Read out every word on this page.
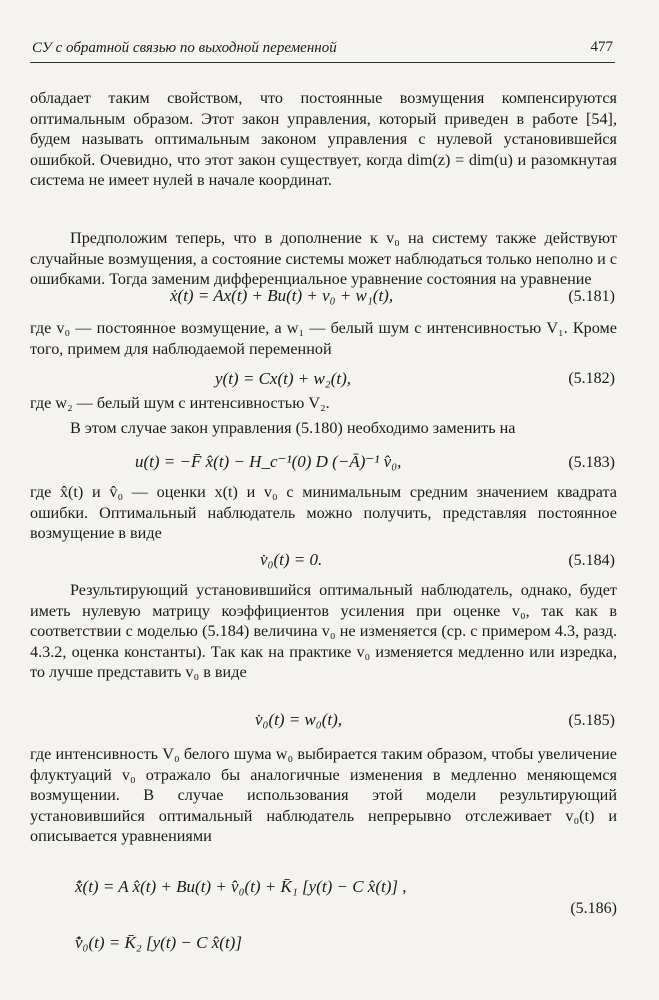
СУ с обратной связью по выходной переменной	477
обладает таким свойством, что постоянные возмущения компенсируются оптимальным образом. Этот закон управления, который приведен в работе [54], будем называть оптимальным законом управления с нулевой установившейся ошибкой. Очевидно, что этот закон существует, когда dim(z) = dim(u) и разомкнутая система не имеет нулей в начале координат.
Предположим теперь, что в дополнение к v₀ на систему также действуют случайные возмущения, а состояние системы может наблюдаться только неполно и с ошибками. Тогда заменим дифференциальное уравнение состояния на уравнение
ẋ(t) = Ax(t) + Bu(t) + v₀ + w₁(t),	(5.181)
где v₀ — постоянное возмущение, а w₁ — белый шум с интенсивностью V₁. Кроме того, примем для наблюдаемой переменной
y(t) = Cx(t) + w₂(t),	(5.182)
где w₂ — белый шум с интенсивностью V₂.
В этом случае закон управления (5.180) необходимо заменить на
u(t) = −F̄ x̂(t) − H_c⁻¹(0) D (−Ā)⁻¹ v̂₀,	(5.183)
где x̂(t) и v̂₀ — оценки x(t) и v₀ с минимальным средним значением квадрата ошибки. Оптимальный наблюдатель можно получить, представляя постоянное возмущение в виде
v̇₀(t) = 0.	(5.184)
Результирующий установившийся оптимальный наблюдатель, однако, будет иметь нулевую матрицу коэффициентов усиления при оценке v₀, так как в соответствии с моделью (5.184) величина v₀ не изменяется (ср. с примером 4.3, разд. 4.3.2, оценка константы). Так как на практике v₀ изменяется медленно или изредка, то лучше представить v₀ в виде
v̇₀(t) = w₀(t),	(5.185)
где интенсивность V₀ белого шума w₀ выбирается таким образом, чтобы увеличение флуктуаций v₀ отражало бы аналогичные изменения в медленно меняющемся возмущении. В случае использования этой модели результирующий установившийся оптимальный наблюдатель непрерывно отслеживает v₀(t) и описывается уравнениями
x̂̇(t) = A x̂(t) + Bu(t) + v̂₀(t) + K̄₁ [y(t) − C x̂(t)] ,
v̂̇₀(t) = K̄₂ [y(t) − C x̂(t)]
(5.186)
